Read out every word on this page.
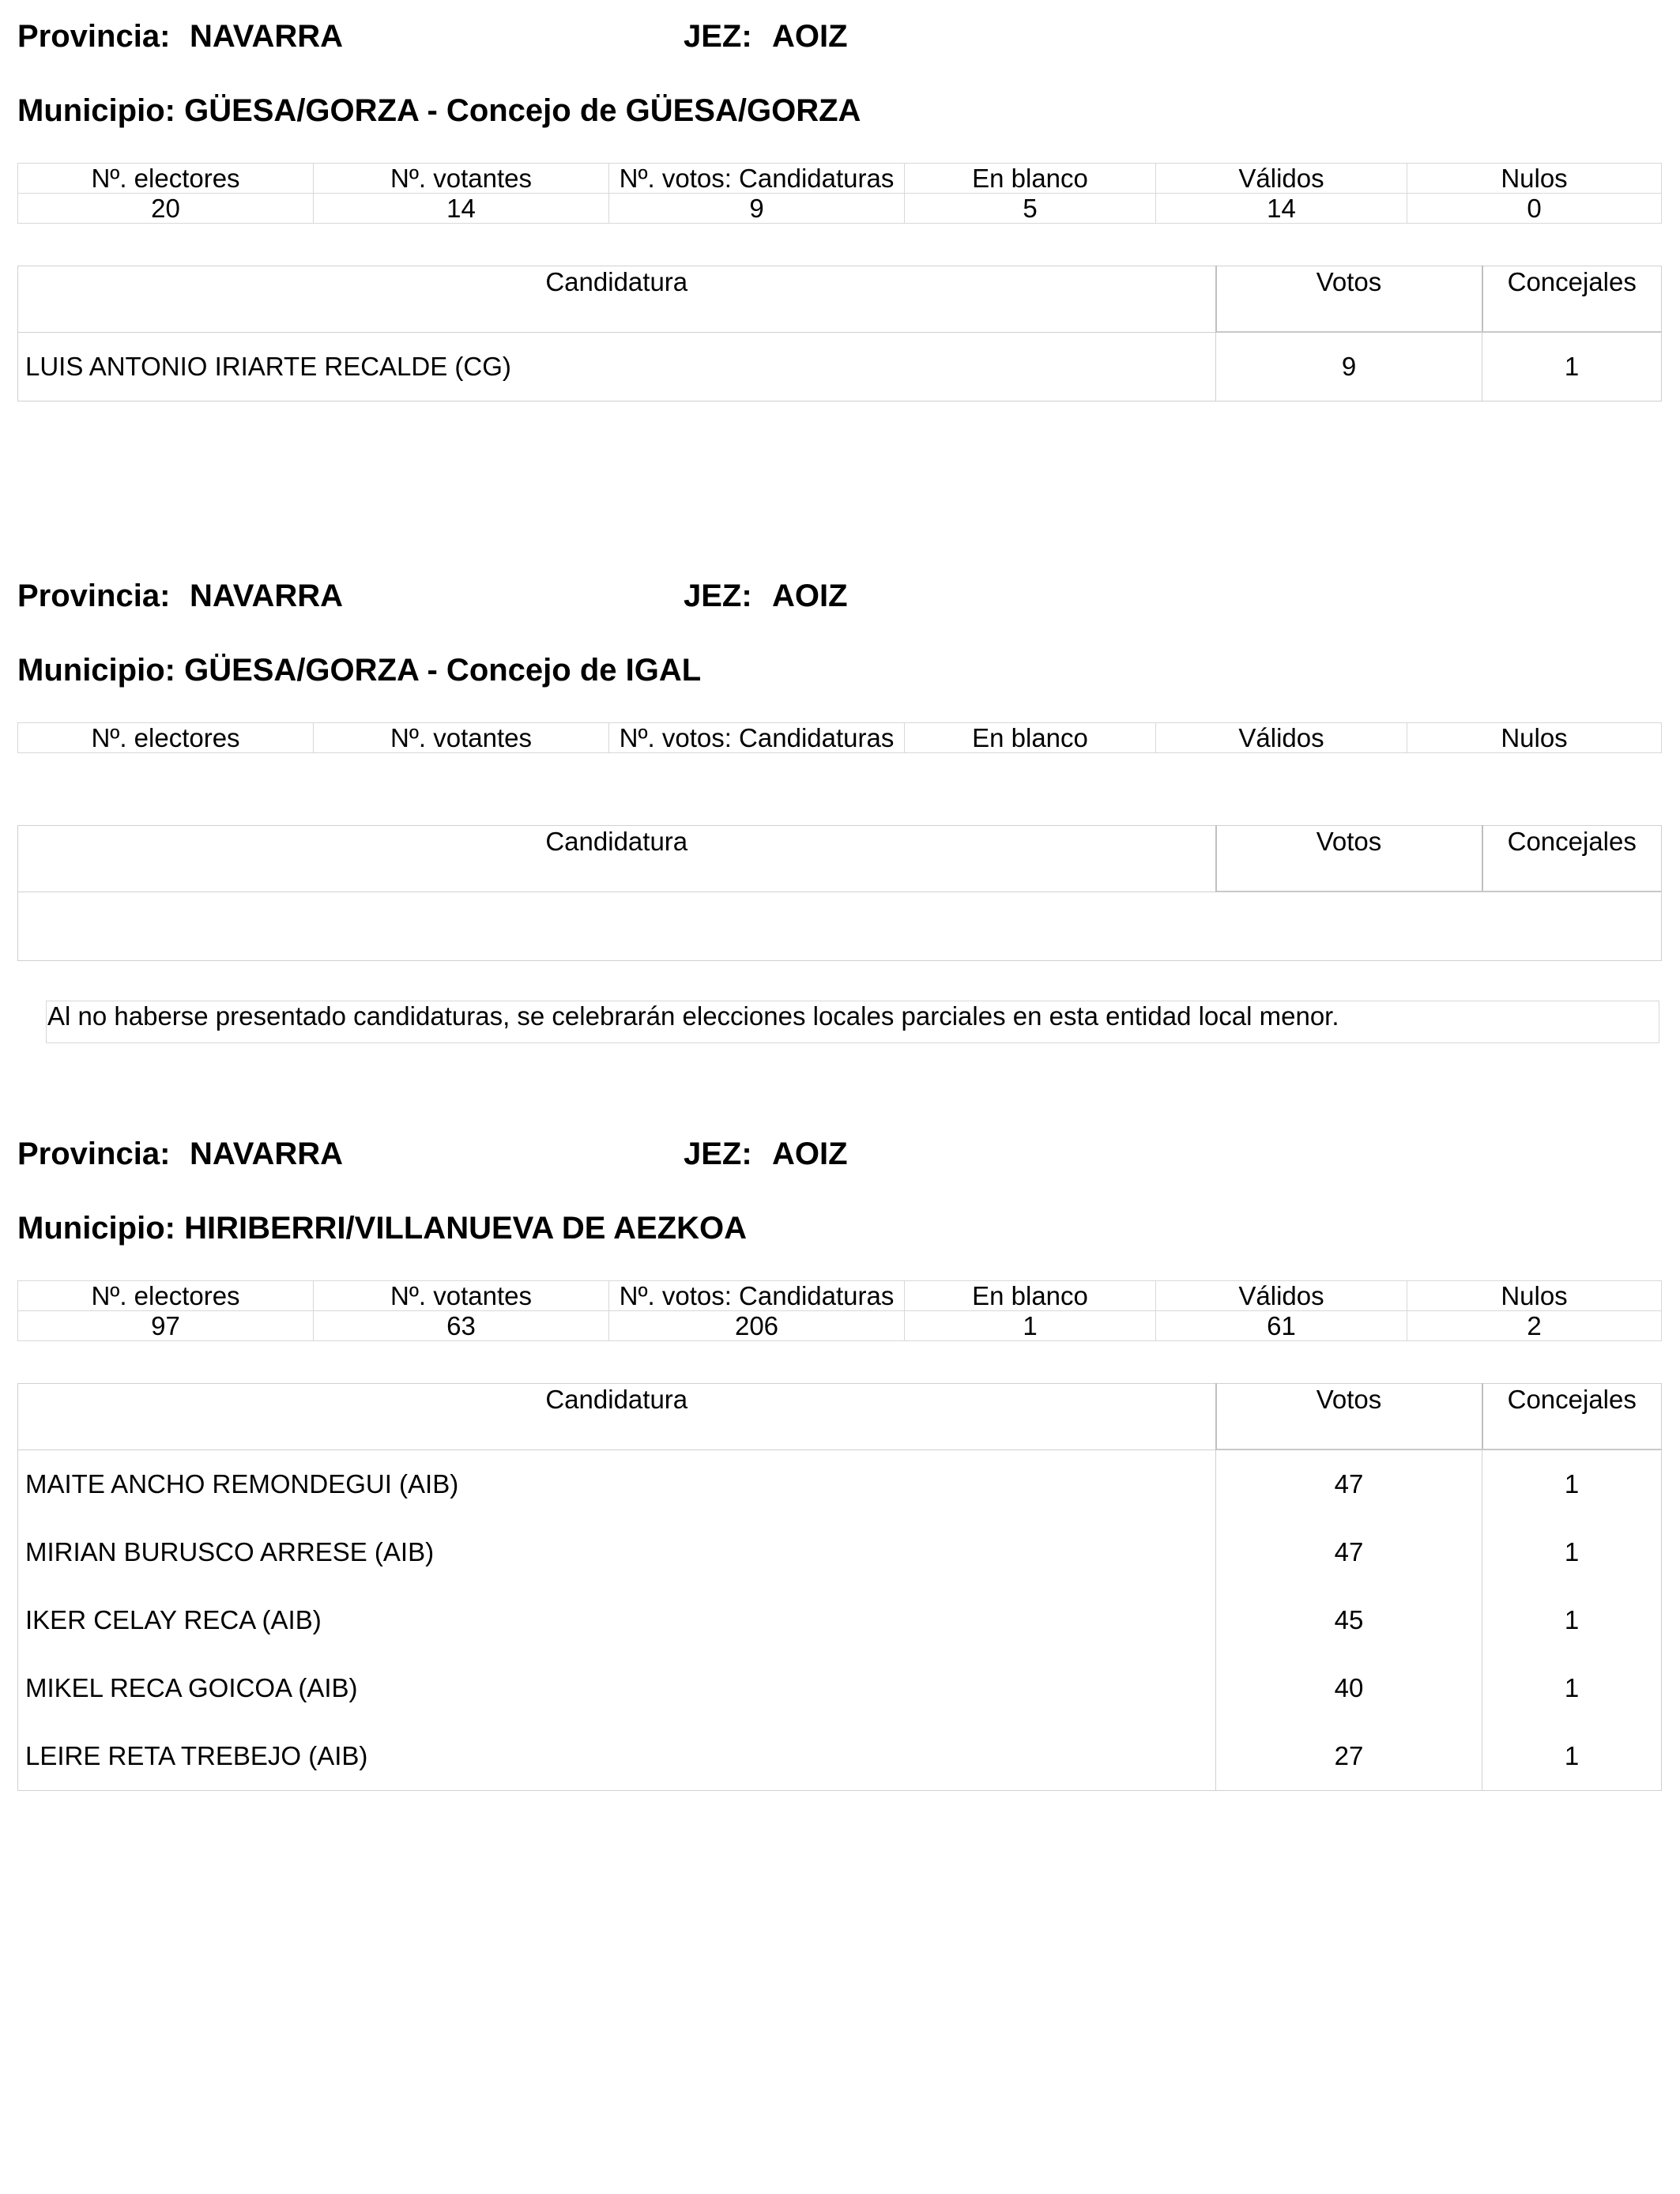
Provincia: NAVARRA	JEZ: AOIZ
Municipio: GÜESA/GORZA - Concejo de GÜESA/GORZA
Nº. electores	Nº. votantes	Nº. votos: Candidaturas	En blanco	Válidos	Nulos
20	14	9	5	14	0
Candidatura	Votos	Concejales
LUIS ANTONIO IRIARTE RECALDE (CG)	9	1
Provincia: NAVARRA	JEZ: AOIZ
Municipio: GÜESA/GORZA - Concejo de IGAL
Nº. electores	Nº. votantes	Nº. votos: Candidaturas	En blanco	Válidos	Nulos
Candidatura	Votos	Concejales

Al no haberse presentado candidaturas, se celebrarán elecciones locales parciales en esta entidad local menor.
Provincia: NAVARRA	JEZ: AOIZ
Municipio: HIRIBERRI/VILLANUEVA DE AEZKOA
Nº. electores	Nº. votantes	Nº. votos: Candidaturas	En blanco	Válidos	Nulos
97	63	206	1	61	2
Candidatura	Votos	Concejales
MAITE ANCHO REMONDEGUI (AIB)	47	1
MIRIAN BURUSCO ARRESE (AIB)	47	1
IKER CELAY RECA (AIB)	45	1
MIKEL RECA GOICOA (AIB)	40	1
LEIRE RETA TREBEJO (AIB)	27	1
